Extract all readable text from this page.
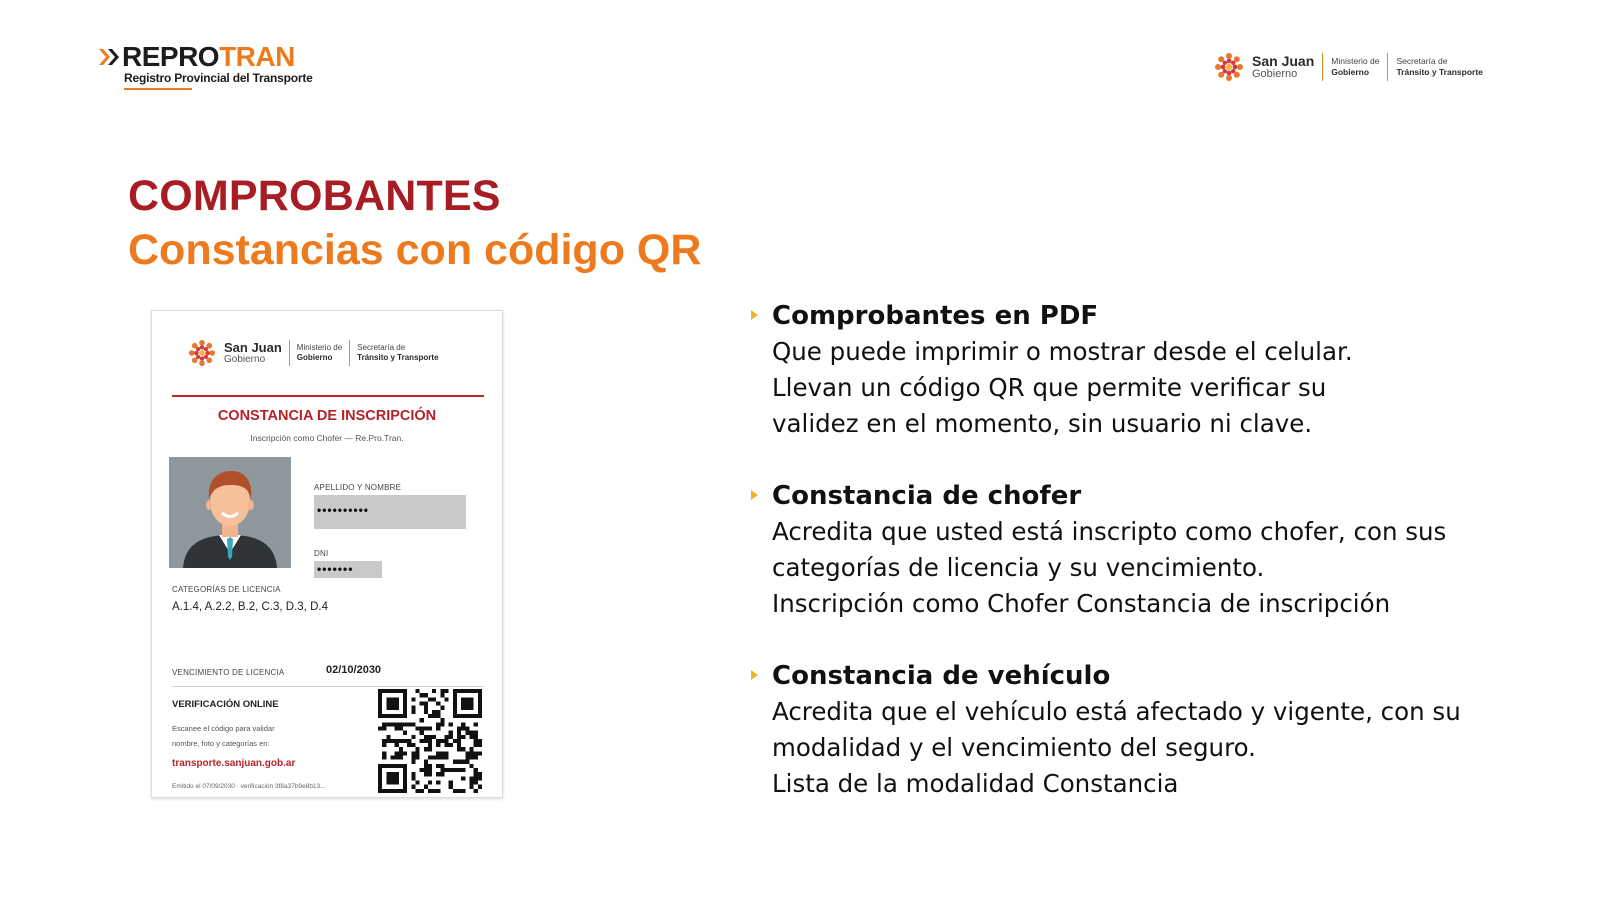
REPROTRAN
Registro Provincial del Transporte
San Juan
Gobierno
Ministerio de
Gobierno
Secretaría de
Tránsito y Transporte
COMPROBANTES
Constancias con código QR
San Juan
Gobierno
Ministerio de
Gobierno
Secretaría de
Tránsito y Transporte
CONSTANCIA DE INSCRIPCIÓN
Inscripción como Chofer — Re.Pro.Tran.
APELLIDO Y NOMBRE
••••••••••
DNI
•••••••
CATEGORÍAS DE LICENCIA
A.1.4, A.2.2, B.2, C.3, D.3, D.4
VENCIMIENTO DE LICENCIA	02/10/2030
VERIFICACIÓN ONLINE
Escanee el código para validar nombre, foto y categorías en:
transporte.sanjuan.gob.ar
Emitido el 07/09/2030 · verificación 3f8a37b9e8b13...
Comprobantes en PDF
Que puede imprimir o mostrar desde el celular.
Llevan un código QR que permite verificar su
validez en el momento, sin usuario ni clave.
Constancia de chofer
Acredita que usted está inscripto como chofer, con sus
categorías de licencia y su vencimiento.
Inscripción como Chofer Constancia de inscripción
Constancia de vehículo
Acredita que el vehículo está afectado y vigente, con su
modalidad y el vencimiento del seguro.
Lista de la modalidad Constancia
